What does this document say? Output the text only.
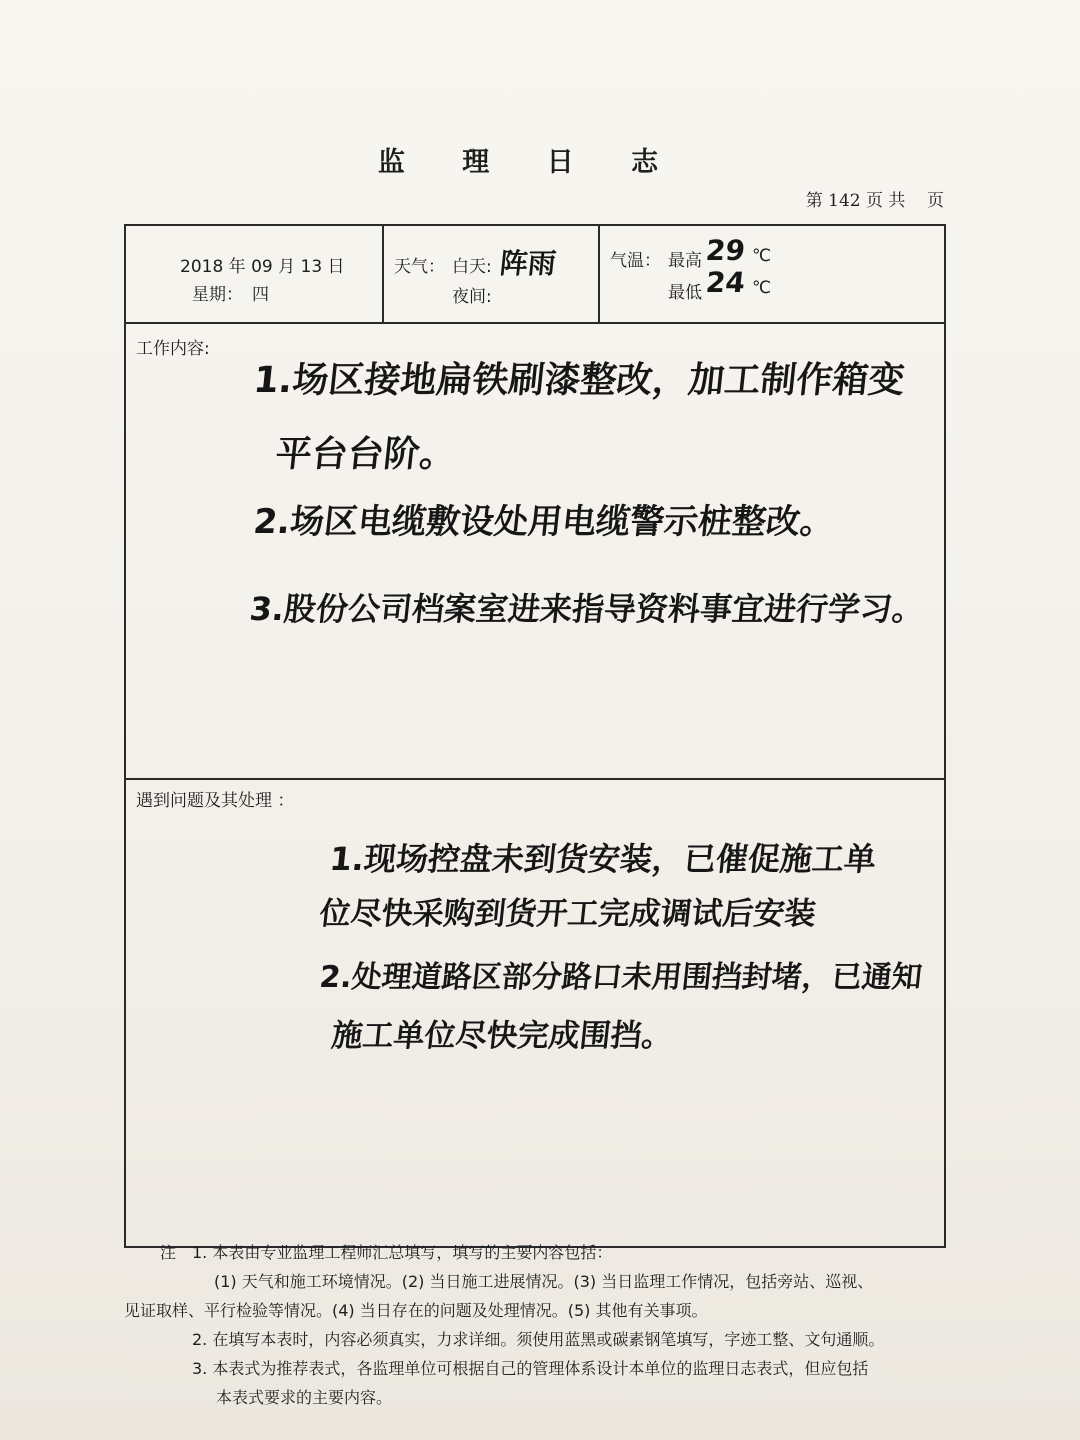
监 理 日 志
第 142 页 共    页
2018 年 09 月 13 日
星期： 四
天气： 白天: 阵雨
夜间:
气温： 最高 29 ℃
最低 24 ℃
工作内容:
1.场区接地扁铁刷漆整改，加工制作箱变
平台台阶。
2.场区电缆敷设处用电缆警示桩整改。
3.股份公司档案室进来指导资料事宜进行学习。
遇到问题及其处理 ：
1.现场控盘未到货安装，已催促施工单
位尽快采购到货开工完成调试后安装
2.处理道路区部分路口未用围挡封堵，已通知
施工单位尽快完成围挡。

注 1. 本表由专业监理工程师汇总填写，填写的主要内容包括：

(1) 天气和施工环境情况。(2) 当日施工进展情况。(3) 当日监理工作情况，包括旁站、巡视、

见证取样、平行检验等情况。(4) 当日存在的问题及处理情况。(5) 其他有关事项。

2. 在填写本表时，内容必须真实，力求详细。须使用蓝黑或碳素钢笔填写，字迹工整、文句通顺。

3. 本表式为推荐表式，各监理单位可根据自己的管理体系设计本单位的监理日志表式，但应包括

本表式要求的主要内容。
